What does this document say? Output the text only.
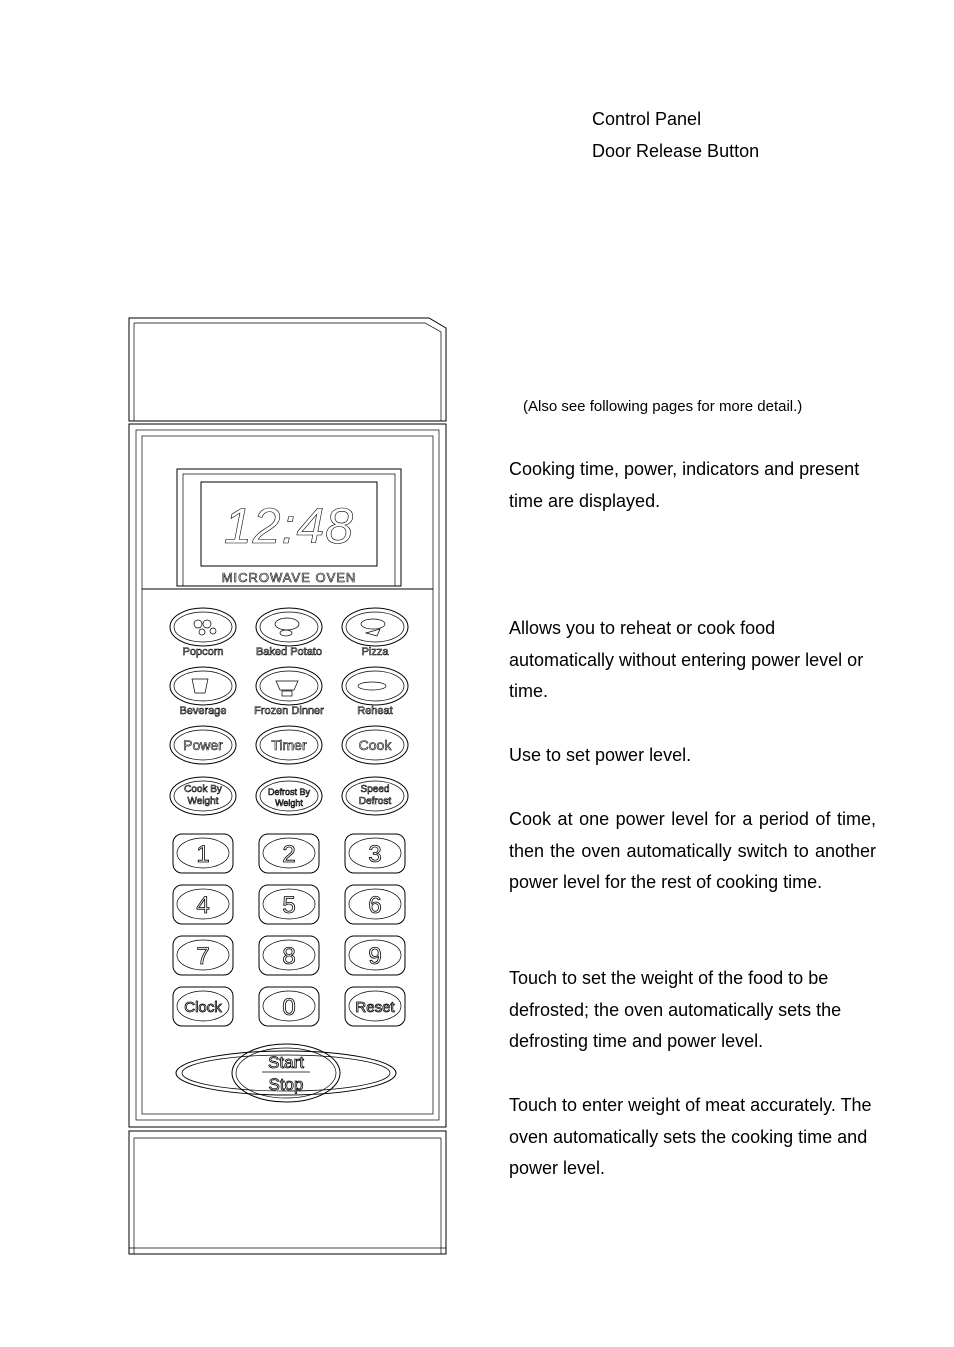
Control Panel
Door Release Button
(Also see following pages for more detail.)

Cooking time, power, indicators and present time are displayed.

Allows you to reheat or cook food automatically without entering power level or time.

Use to set power level.

Cook at one power level for a period of time, then the oven automatically switch to another power level for the rest of cooking time.

Touch to set the weight of the food to be defrosted; the oven automatically sets the defrosting time and power level.

Touch to enter weight of meat accurately. The oven automatically sets the cooking time and power level.

12:48
MICROWAVE OVEN
Popcorn	Baked Potato	Pizza
Beverage	Frozen Dinner	Reheat
Power	Timer	Cook
Cook By
Weight
Defrost By
Weight
Speed
Defrost
1	2	3
4	5	6
7	8	9
Clock	0	Reset
Start
Stop
